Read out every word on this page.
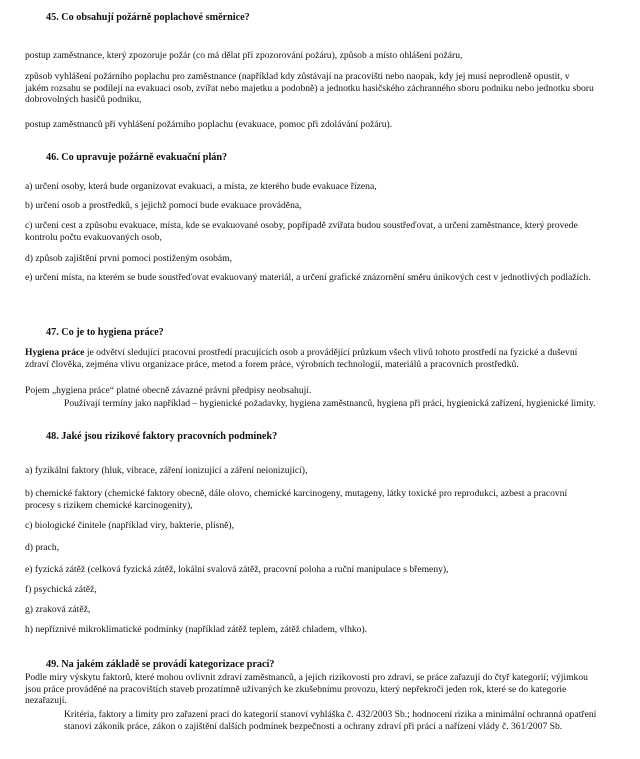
45. Co obsahují požárně poplachové směrnice?
postup zaměstnance, který zpozoruje požár (co má dělat při zpozorování požáru), způsob a místo ohlášení požáru,
způsob vyhlášení požárního poplachu pro zaměstnance (například kdy zůstávají na pracovišti nebo naopak, kdy jej musí neprodleně opustit, v jakém rozsahu se podílejí na evakuaci osob, zvířat nebo majetku a podobně) a jednotku hasičského záchranného sboru podniku nebo jednotku sboru dobrovolných hasičů podniku,
postup zaměstnanců při vyhlášení požárního poplachu (evakuace, pomoc při zdolávání požáru).
46. Co upravuje požárně evakuační plán?
a) určení osoby, která bude organizovat evakuaci, a místa, ze kterého bude evakuace řízena,
b) určení osob a prostředků, s jejichž pomocí bude evakuace prováděna,
c) určení cest a způsobu evakuace, místa, kde se evakuované osoby, popřípadě zvířata budou soustřeďovat, a určení zaměstnance, který provede kontrolu počtu evakuovaných osob,
d) způsob zajištění první pomoci postiženým osobám,
e) určení místa, na kterém se bude soustřeďovat evakuovaný materiál, a určení grafické znázornění směru únikových cest v jednotlivých podlažích.
47. Co je to hygiena práce?
Hygiena práce je odvětví sledující pracovní prostředí pracujících osob a provádějící průzkum všech vlivů tohoto prostředí na fyzické a duševní zdraví člověka, zejména vlivu organizace práce, metod a forem práce, výrobních technologií, materiálů a pracovních prostředků.
Pojem „hygiena práce“ platné obecně závazné právní předpisy neobsahují.
Používají termíny jako například – hygienické požadavky, hygiena zaměstnanců, hygiena při práci, hygienická zařízení, hygienické limity.
48. Jaké jsou rizikové faktory pracovních podmínek?
a) fyzikální faktory (hluk, vibrace, záření ionizující a záření neionizující),
b) chemické faktory (chemické faktory obecně, dále olovo, chemické karcinogeny, mutageny, látky toxické pro reprodukci, azbest a pracovní procesy s rizikem chemické karcinogenity),
c) biologické činitele (například viry, bakterie, plísně),
d) prach,
e) fyzická zátěž (celková fyzická zátěž, lokální svalová zátěž, pracovní poloha a ruční manipulace s břemeny),
f) psychická zátěž,
g) zraková zátěž,
h) nepříznivé mikroklimatické podmínky (například zátěž teplem, zátěž chladem, vlhko).
49. Na jakém základě se provádí kategorizace prací?
Podle míry výskytu faktorů, které mohou ovlivnit zdraví zaměstnanců, a jejich rizikovosti pro zdraví, se práce zařazují do čtyř kategorií; výjimkou jsou práce prováděné na pracovištích staveb prozatímně užívaných ke zkušebnímu provozu, který nepřekročí jeden rok, které se do kategorie nezařazují.
Kritéria, faktory a limity pro zařazení prací do kategorií stanoví vyhláška č. 432/2003 Sb.; hodnocení rizika a minimální ochranná opatření stanoví zákoník práce, zákon o zajištění dalších podmínek bezpečnosti a ochrany zdraví při práci a nařízení vlády č. 361/2007 Sb.
